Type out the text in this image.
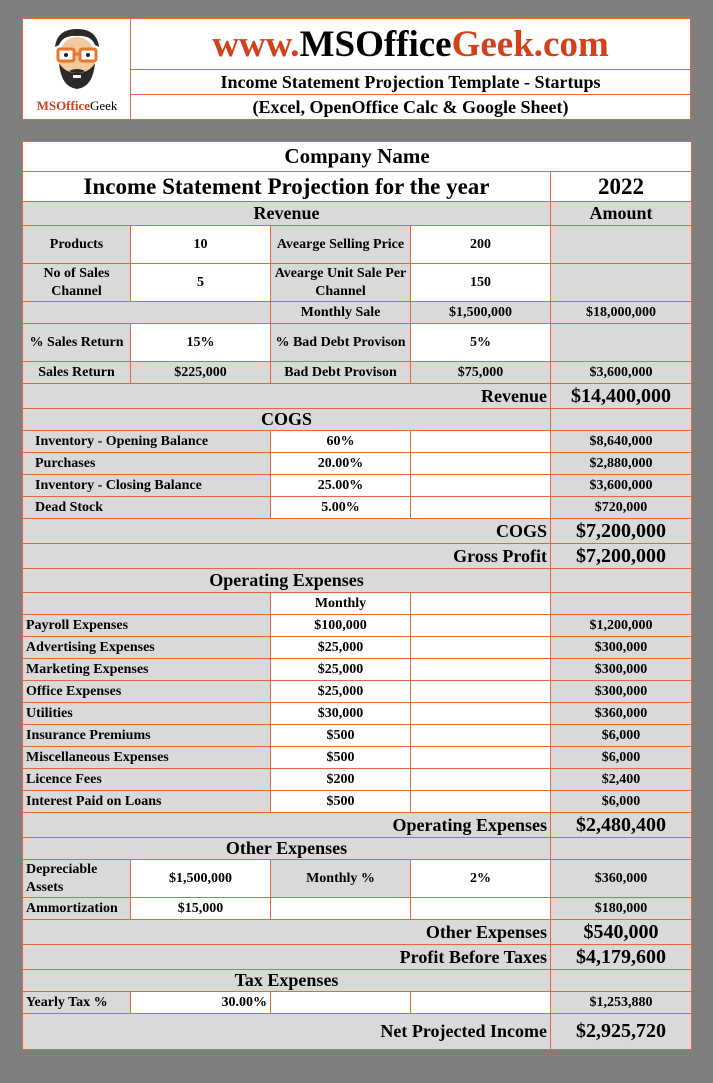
MSOfficeGeek
www.MSOfficeGeek.com
Income Statement Projection Template - Startups
(Excel, OpenOffice Calc & Google Sheet)
Company Name				
Income Statement Projection for the year				2022
Revenue				Amount
Products	10	Avearge Selling Price	200	
No of Sales Channel	5	Avearge Unit Sale Per Channel	150	
		Monthly Sale	$1,500,000	$18,000,000
% Sales Return	15%	% Bad Debt Provison	5%	
Sales Return	$225,000	Bad Debt Provison	$75,000	$3,600,000
Revenue				$14,400,000
COGS				
Inventory - Opening Balance		60%		$8,640,000
Purchases		20.00%		$2,880,000
Inventory - Closing Balance		25.00%		$3,600,000
Dead Stock		5.00%		$720,000
COGS				$7,200,000
Gross Profit				$7,200,000
Operating Expenses				
		Monthly		
Payroll Expenses		$100,000		$1,200,000
Advertising Expenses		$25,000		$300,000
Marketing Expenses		$25,000		$300,000
Office Expenses		$25,000		$300,000
Utilities		$30,000		$360,000
Insurance Premiums		$500		$6,000
Miscellaneous Expenses		$500		$6,000
Licence Fees		$200		$2,400
Interest Paid on Loans		$500		$6,000
Operating Expenses				$2,480,400
Other Expenses				
Depreciable Assets	$1,500,000	Monthly %	2%	$360,000
Ammortization	$15,000			$180,000
Other Expenses				$540,000
Profit Before Taxes				$4,179,600
Tax Expenses				
Yearly Tax %	30.00%			$1,253,880
Net Projected Income				$2,925,720
